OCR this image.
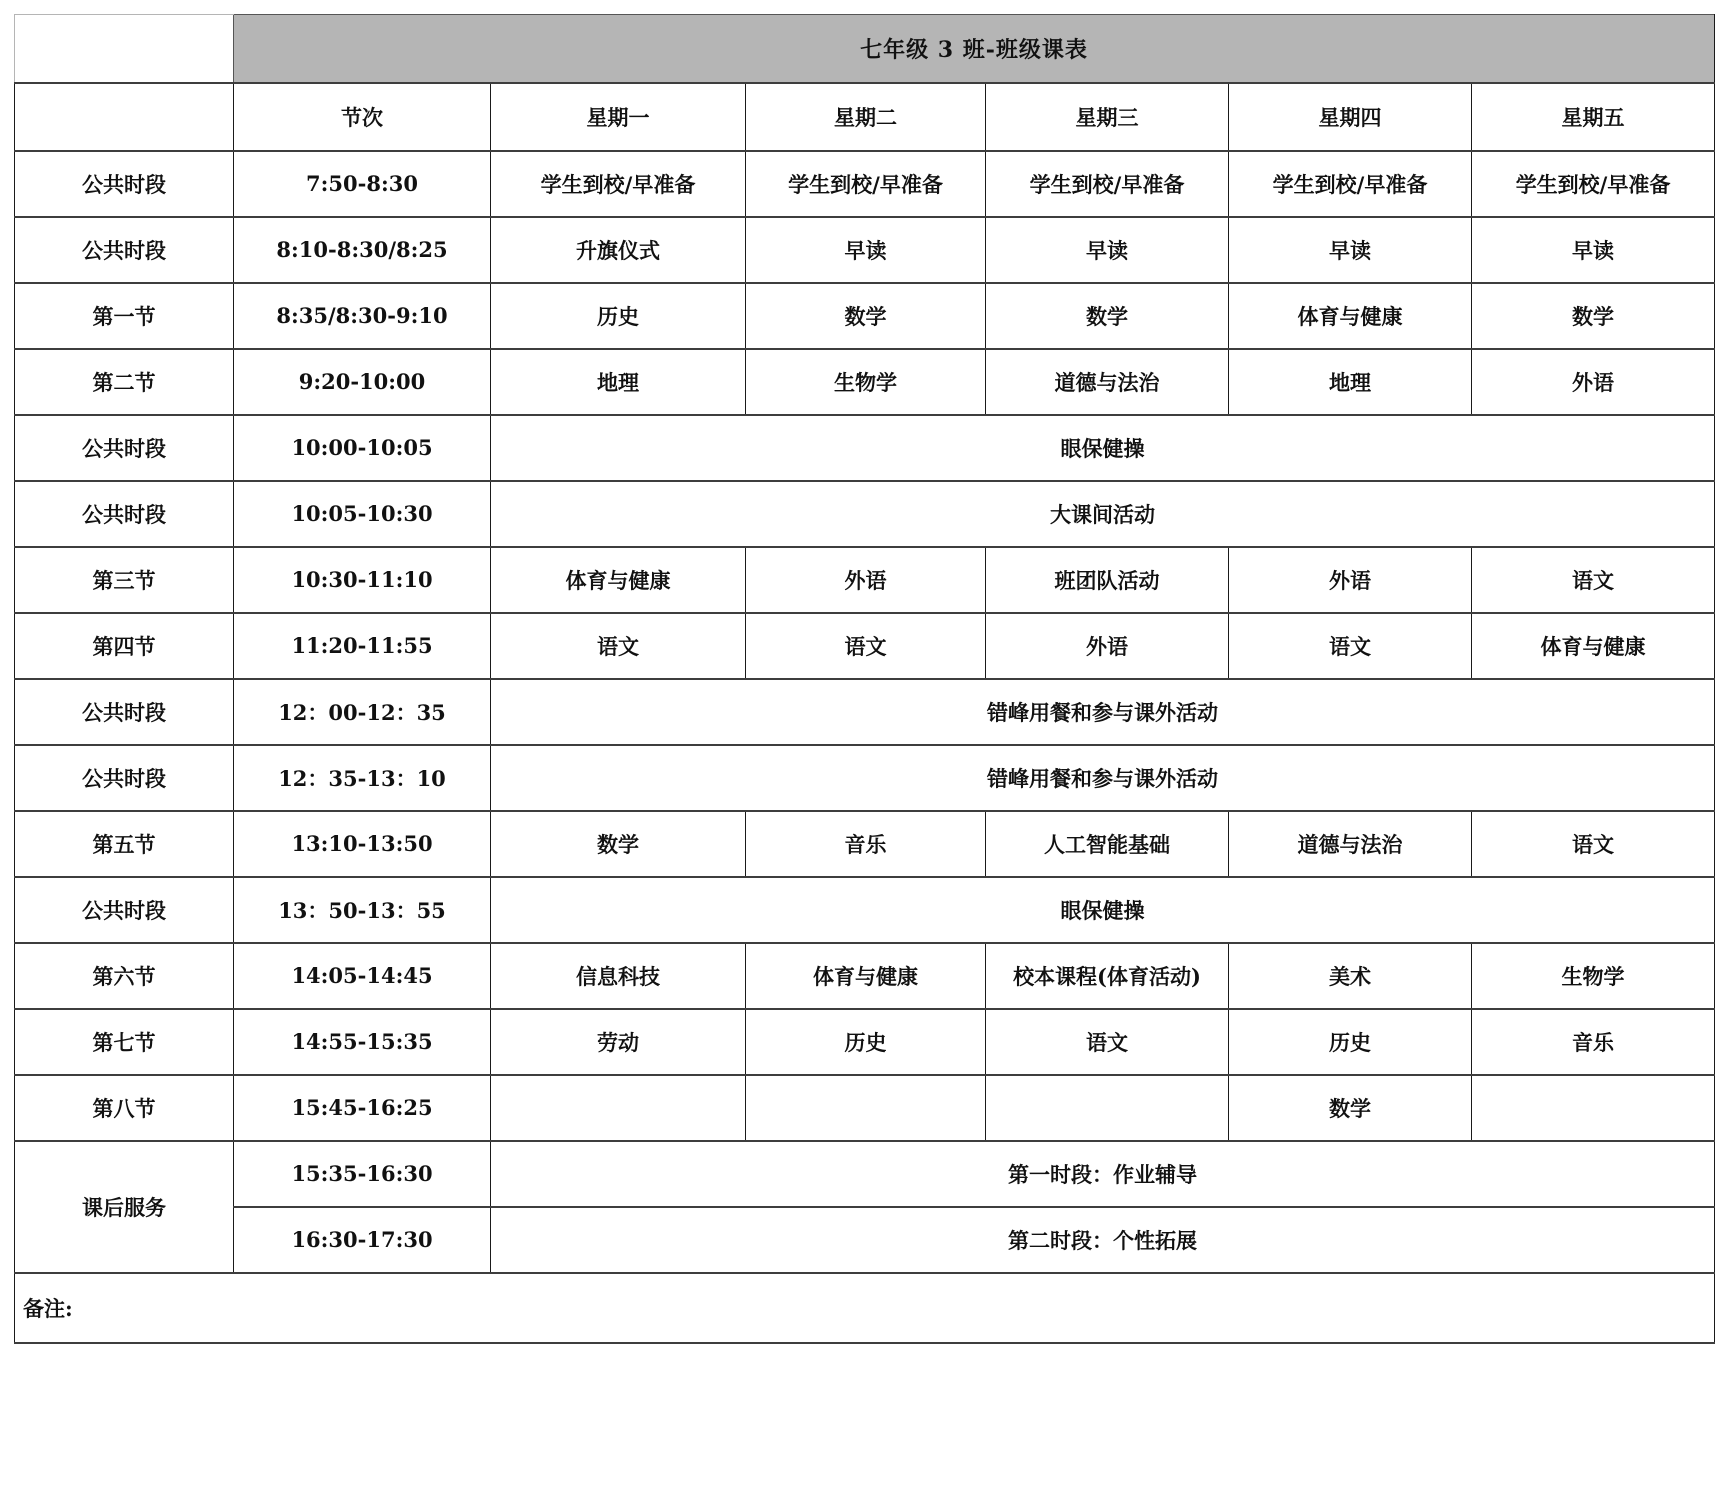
	七年级 3 班-班级课表					
	节次	星期一	星期二	星期三	星期四	星期五
公共时段	7:50-8:30	学生到校/早准备	学生到校/早准备	学生到校/早准备	学生到校/早准备	学生到校/早准备
公共时段	8:10-8:30/8:25	升旗仪式	早读	早读	早读	早读
第一节	8:35/8:30-9:10	历史	数学	数学	体育与健康	数学
第二节	9:20-10:00	地理	生物学	道德与法治	地理	外语
公共时段	10:00-10:05	眼保健操				
公共时段	10:05-10:30	大课间活动				
第三节	10:30-11:10	体育与健康	外语	班团队活动	外语	语文
第四节	11:20-11:55	语文	语文	外语	语文	体育与健康
公共时段	12：00-12：35	错峰用餐和参与课外活动				
公共时段	12：35-13：10	错峰用餐和参与课外活动				
第五节	13:10-13:50	数学	音乐	人工智能基础	道德与法治	语文
公共时段	13：50-13：55	眼保健操				
第六节	14:05-14:45	信息科技	体育与健康	校本课程(体育活动)	美术	生物学
第七节	14:55-15:35	劳动	历史	语文	历史	音乐
第八节	15:45-16:25				数学	
课后服务	15:35-16:30	第一时段：作业辅导				
	16:30-17:30	第二时段：个性拓展				
备注:						
